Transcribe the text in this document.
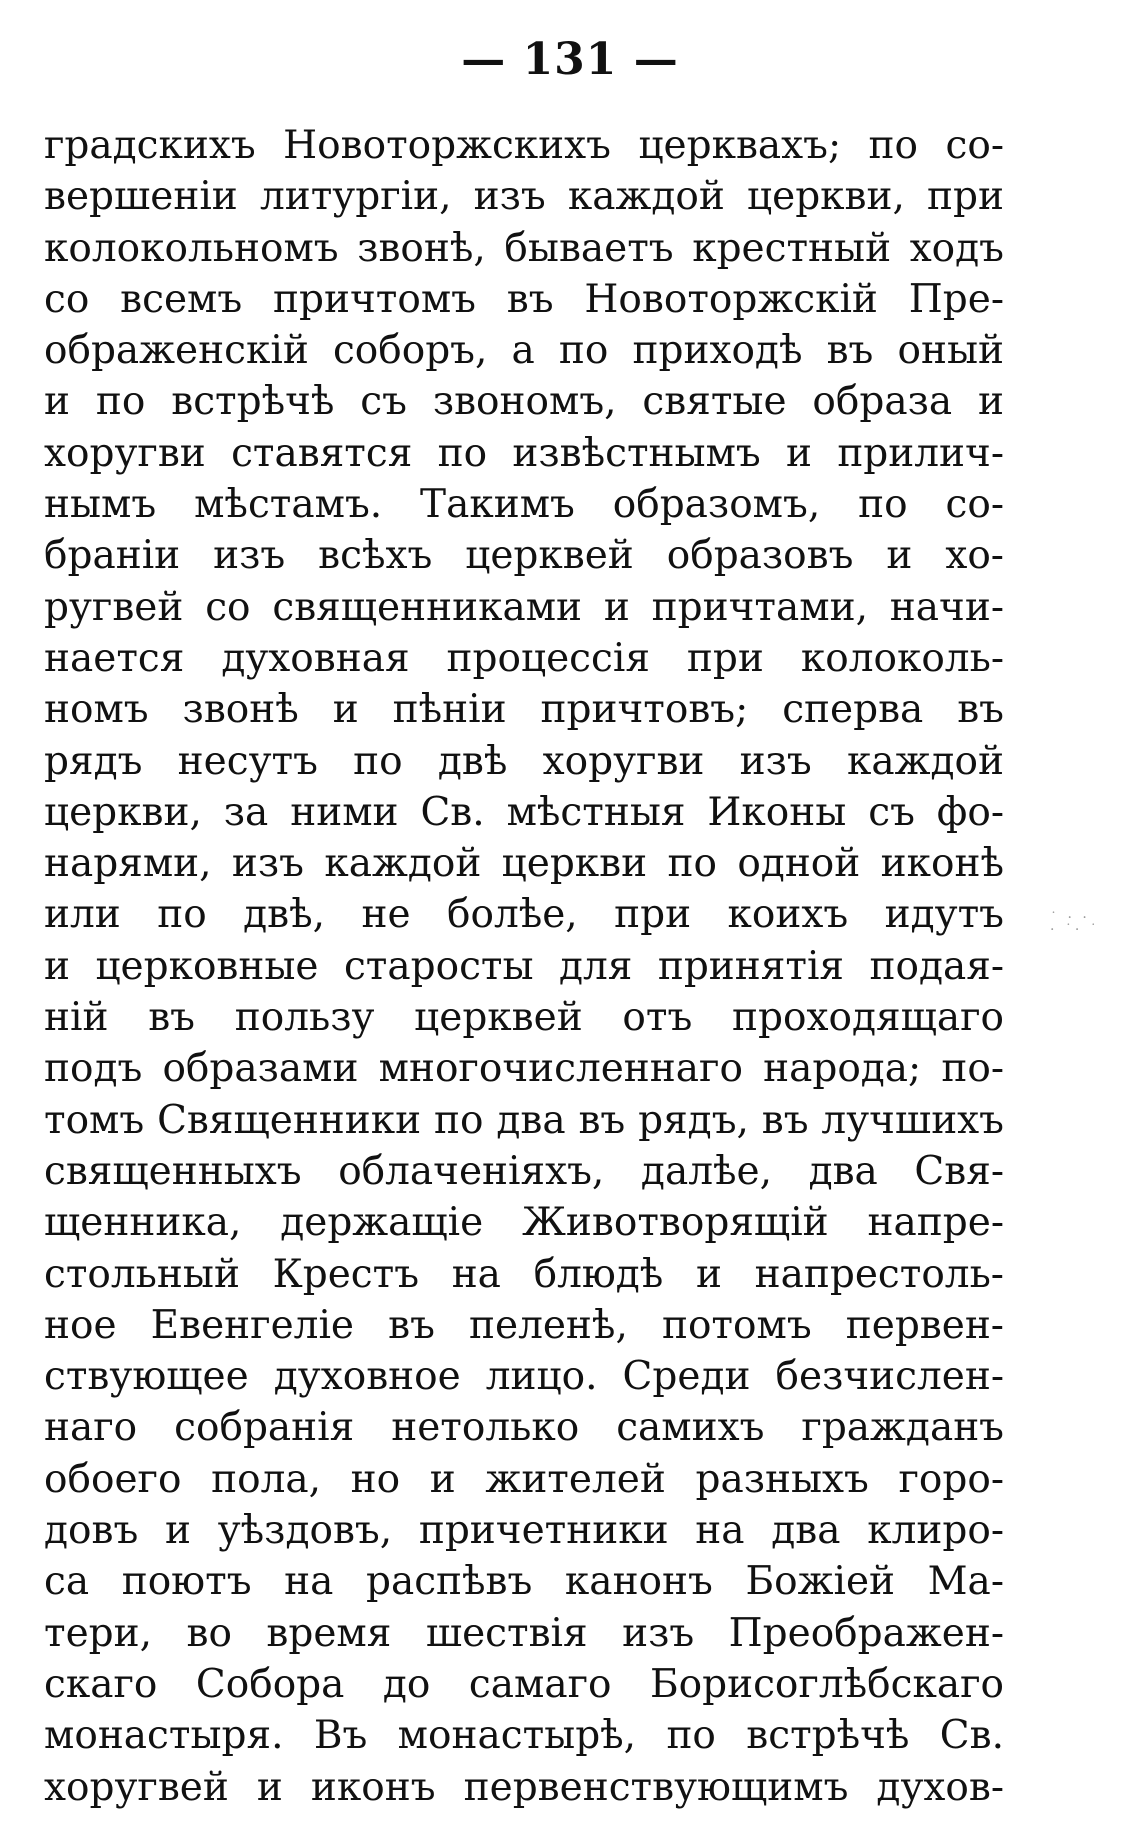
— 131 —
градскихъ Новоторжскихъ церквахъ; по со-
вершеніи литургіи, изъ каждой церкви, при
колокольномъ звонѣ, бываетъ крестный ходъ
со всемъ причтомъ въ Новоторжскій Пре-
ображенскій соборъ, а по приходѣ въ оный
и по встрѣчѣ съ звономъ, святые образа и
хоругви ставятся по извѣстнымъ и прилич-
нымъ мѣстамъ. Такимъ образомъ, по со-
браніи изъ всѣхъ церквей образовъ и хо-
ругвей со священниками и причтами, начи-
нается духовная процессія при колоколь-
номъ звонѣ и пѣніи причтовъ; сперва въ
рядъ несутъ по двѣ хоругви изъ каждой
церкви, за ними Св. мѣстныя Иконы съ фо-
нарями, изъ каждой церкви по одной иконѣ
или по двѣ, не болѣе, при коихъ идутъ
и церковные старосты для принятія подая-
ній въ пользу церквей отъ проходящаго
подъ образами многочисленнаго народа; по-
томъ Священники по два въ рядъ, въ лучшихъ
священныхъ облаченіяхъ, далѣе, два Свя-
щенника, держащіе Животворящій напре-
стольный Крестъ на блюдѣ и напрестоль-
ное Евенгеліе въ пеленѣ, потомъ первен-
ствующее духовное лицо. Среди безчислен-
наго собранія нетолько самихъ гражданъ
обоего пола, но и жителей разныхъ горо-
довъ и уѣздовъ, причетники на два клиро-
са поютъ на распѣвъ канонъ Божіей Ма-
тери, во время шествія изъ Преображен-
скаго Собора до самаго Борисоглѣбскаго
монастыря. Въ монастырѣ, по встрѣчѣ Св.
хоругвей и иконъ первенствующимъ духов-
˙ · ·
· ˙· ˙
